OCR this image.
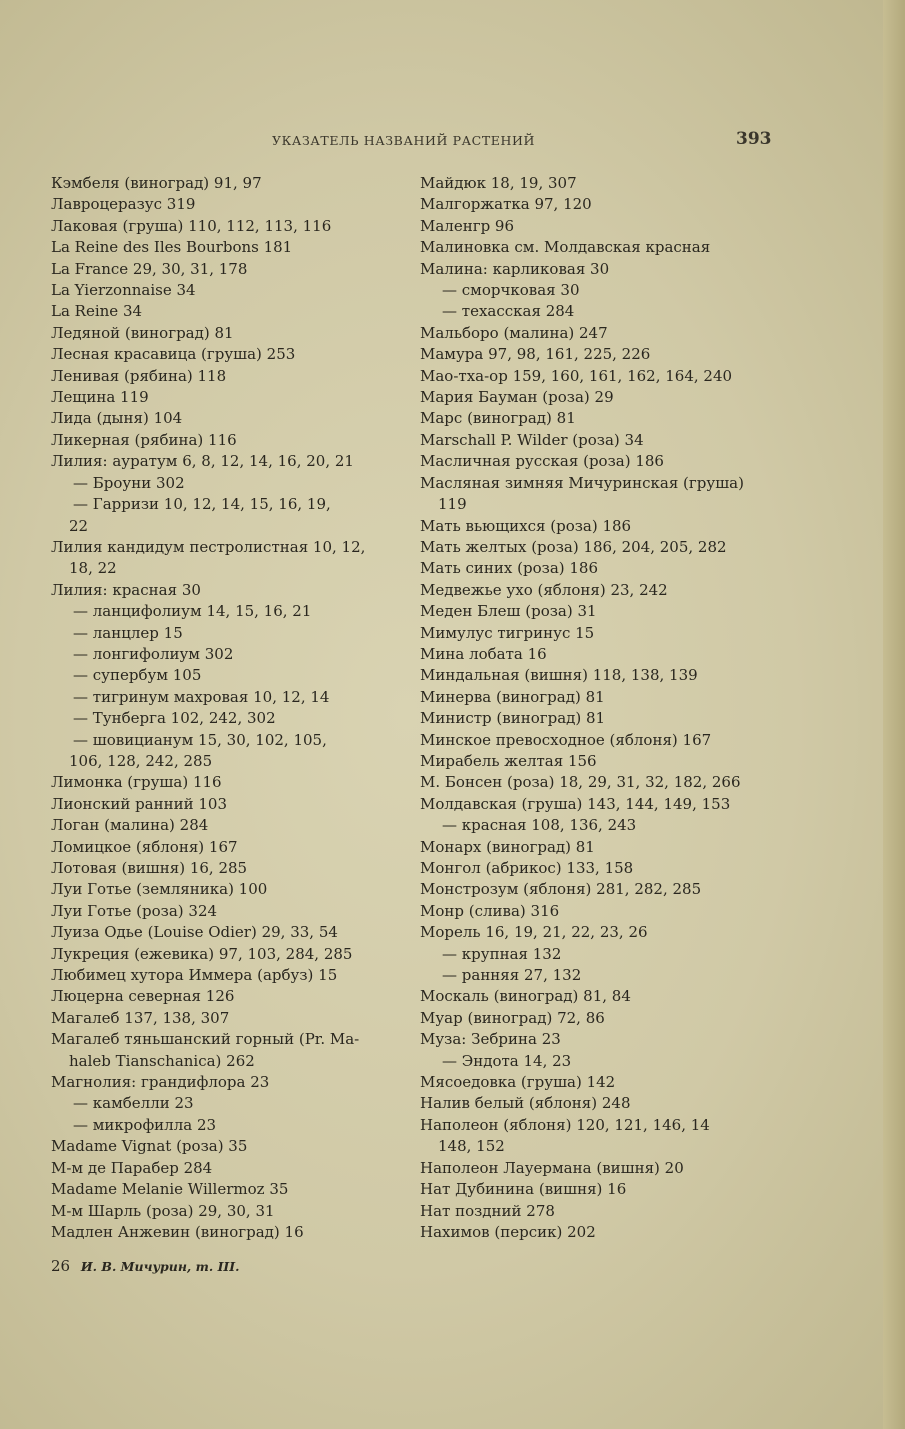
УКАЗАТЕЛЬ НАЗВАНИЙ РАСТЕНИЙ	393
Кэмбеля (виноград) 91, 97
Лавроцеразус 319
Лаковая (груша) 110, 112, 113, 116
La Reine des Iles Bourbons 181
La France 29, 30, 31, 178
La Yierzonnaise 34
La Reine 34
Ледяной (виноград) 81
Лесная красавица (груша) 253
Ленивая (рябина) 118
Лещина 119
Лида (дыня) 104
Ликерная (рябина) 116
Лилия: ауратум 6, 8, 12, 14, 16, 20, 21
— Броуни 302
— Гарризи 10, 12, 14, 15, 16, 19,
22
Лилия кандидум пестролистная 10, 12,
18, 22
Лилия: красная 30
— ланцифолиум 14, 15, 16, 21
— ланцлер 15
— лонгифолиум 302
— супербум 105
— тигринум махровая 10, 12, 14
— Тунберга 102, 242, 302
— шовицианум 15, 30, 102, 105,
106, 128, 242, 285
Лимонка (груша) 116
Лионский ранний 103
Логан (малина) 284
Ломицкое (яблоня) 167
Лотовая (вишня) 16, 285
Луи Готье (земляника) 100
Луи Готье (роза) 324
Луиза Одье (Louise Odier) 29, 33, 54
Лукреция (ежевика) 97, 103, 284, 285
Любимец хутора Иммера (арбуз) 15
Люцерна северная 126
Магалеб 137, 138, 307
Магалеб тяньшанский горный (Pr. Ma-
haleb Tianschanica) 262
Магнолия: грандифлора 23
— камбелли 23
— микрофилла 23
Madame Vignat (роза) 35
М-м де Парабер 284
Madame Melanie Willermoz 35
М-м Шарль (роза) 29, 30, 31
Мадлен Анжевин (виноград) 16
Майдюк 18, 19, 307
Малгоржатка 97, 120
Маленгр 96
Малиновка см. Молдавская красная
Малина: карликовая 30
— сморчковая 30
— техасская 284
Мальборо (малина) 247
Мамура 97, 98, 161, 225, 226
Мао-тха-ор 159, 160, 161, 162, 164, 240
Мария Бауман (роза) 29
Марс (виноград) 81
Marschall P. Wilder (роза) 34
Масличная русская (роза) 186
Масляная зимняя Мичуринская (груша)
119
Мать вьющихся (роза) 186
Мать желтых (роза) 186, 204, 205, 282
Мать синих (роза) 186
Медвежье ухо (яблоня) 23, 242
Меден Блеш (роза) 31
Мимулус тигринус 15
Мина лобата 16
Миндальная (вишня) 118, 138, 139
Минерва (виноград) 81
Министр (виноград) 81
Минское превосходное (яблоня) 167
Мирабель желтая 156
М. Бонсен (роза) 18, 29, 31, 32, 182, 266
Молдавская (груша) 143, 144, 149, 153
— красная 108, 136, 243
Монарх (виноград) 81
Монгол (абрикос) 133, 158
Монстрозум (яблоня) 281, 282, 285
Монр (слива) 316
Морель 16, 19, 21, 22, 23, 26
— крупная 132
— ранняя 27, 132
Москаль (виноград) 81, 84
Муар (виноград) 72, 86
Муза: Зебрина 23
— Эндота 14, 23
Мясоедовка (груша) 142
Налив белый (яблоня) 248
Наполеон (яблоня) 120, 121, 146, 14
148, 152
Наполеон Лауермана (вишня) 20
Нат Дубинина (вишня) 16
Нат поздний 278
Нахимов (персик) 202
26 И. В. Мичурин, т. III.
